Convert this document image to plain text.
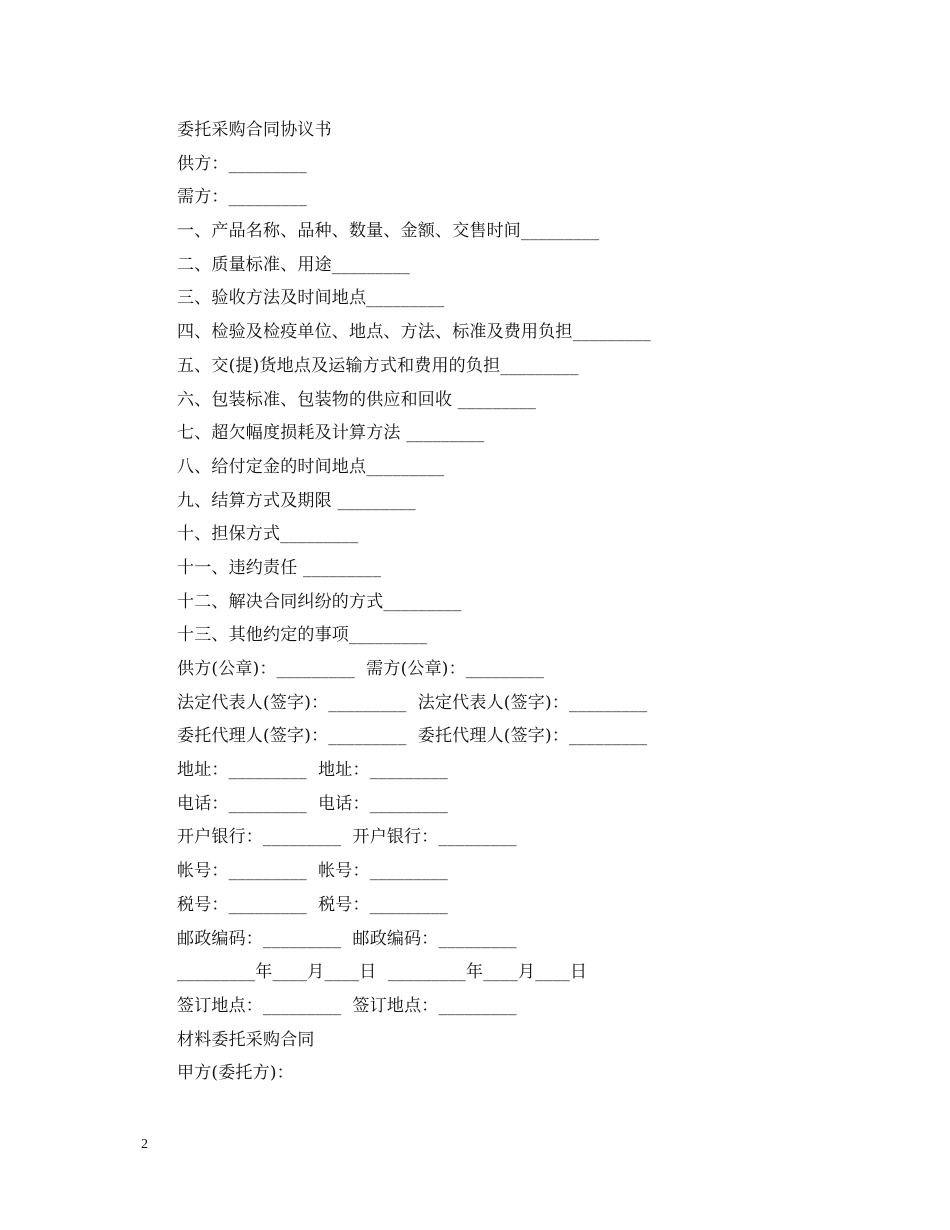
委托采购合同协议书
供方：_________
需方：_________
一、产品名称、品种、数量、金额、交售时间_________
二、质量标准、用途_________
三、验收方法及时间地点_________
四、检验及检疫单位、地点、方法、标准及费用负担_________
五、交(提)货地点及运输方式和费用的负担_________
六、包装标准、包装物的供应和回收 _________
七、超欠幅度损耗及计算方法 _________
八、给付定金的时间地点_________
九、结算方式及期限 _________
十、担保方式_________
十一、违约责任 _________
十二、解决合同纠纷的方式_________
十三、其他约定的事项_________
供方(公章)：_________  需方(公章)：_________
法定代表人(签字)：_________  法定代表人(签字)：_________
委托代理人(签字)：_________  委托代理人(签字)：_________
地址：_________  地址：_________
电话：_________  电话：_________
开户银行：_________  开户银行：_________
帐号：_________  帐号：_________
税号：_________  税号：_________
邮政编码：_________  邮政编码：_________
_________年____月____日  _________年____月____日
签订地点：_________  签订地点：_________
材料委托采购合同
甲方(委托方)：
2
